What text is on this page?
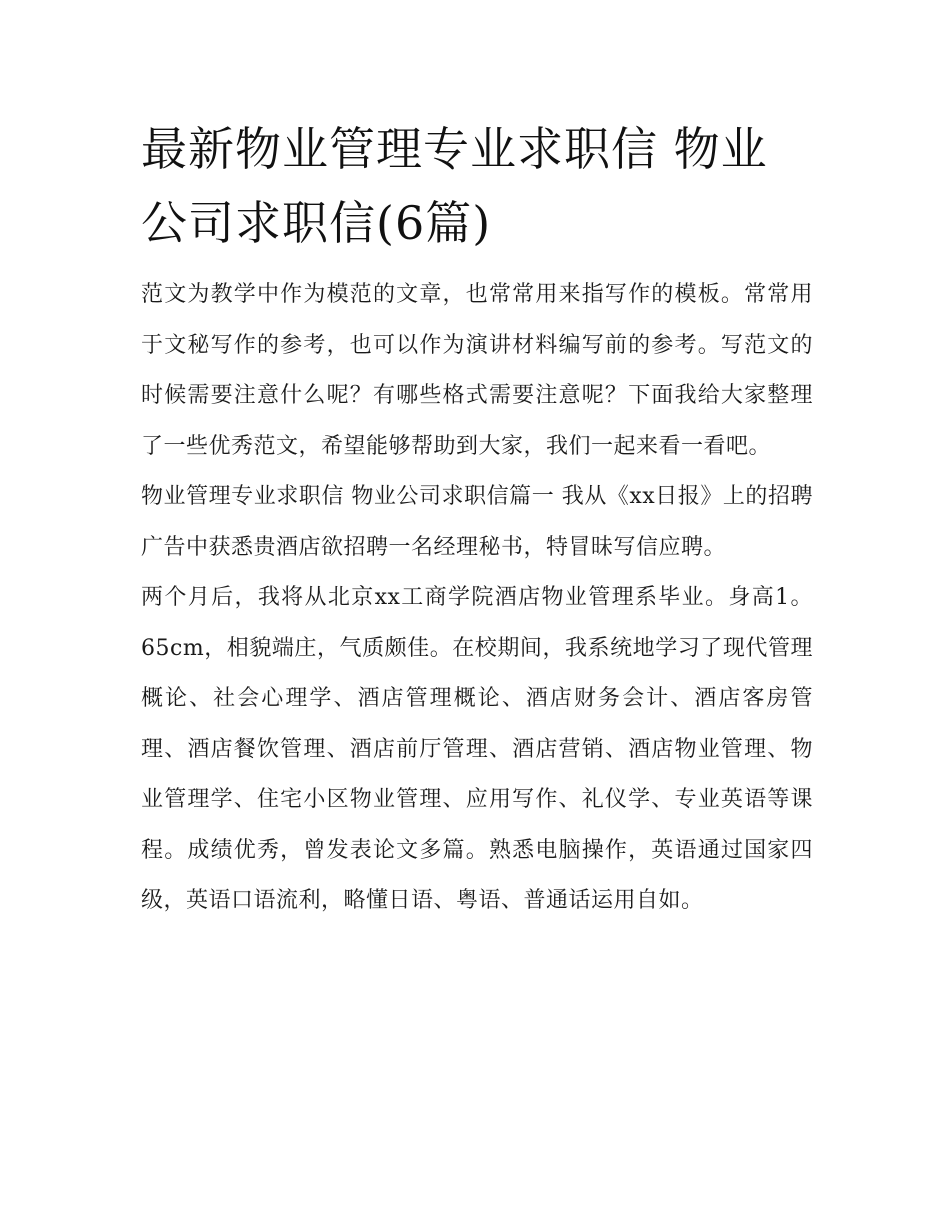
最新物业管理专业求职信 物业公司求职信(6篇)

范文为教学中作为模范的文章，也常常用来指写作的模板。常常用于文秘写作的参考，也可以作为演讲材料编写前的参考。写范文的时候需要注意什么呢？有哪些格式需要注意呢？下面我给大家整理了一些优秀范文，希望能够帮助到大家，我们一起来看一看吧。

物业管理专业求职信 物业公司求职信篇一 我从《xx日报》上的招聘广告中获悉贵酒店欲招聘一名经理秘书，特冒昧写信应聘。

两个月后，我将从北京xx工商学院酒店物业管理系毕业。身高1。65cm，相貌端庄，气质颇佳。在校期间，我系统地学习了现代管理概论、社会心理学、酒店管理概论、酒店财务会计、酒店客房管理、酒店餐饮管理、酒店前厅管理、酒店营销、酒店物业管理、物业管理学、住宅小区物业管理、应用写作、礼仪学、专业英语等课程。成绩优秀，曾发表论文多篇。熟悉电脑操作，英语通过国家四级，英语口语流利，略懂日语、粤语、普通话运用自如。
